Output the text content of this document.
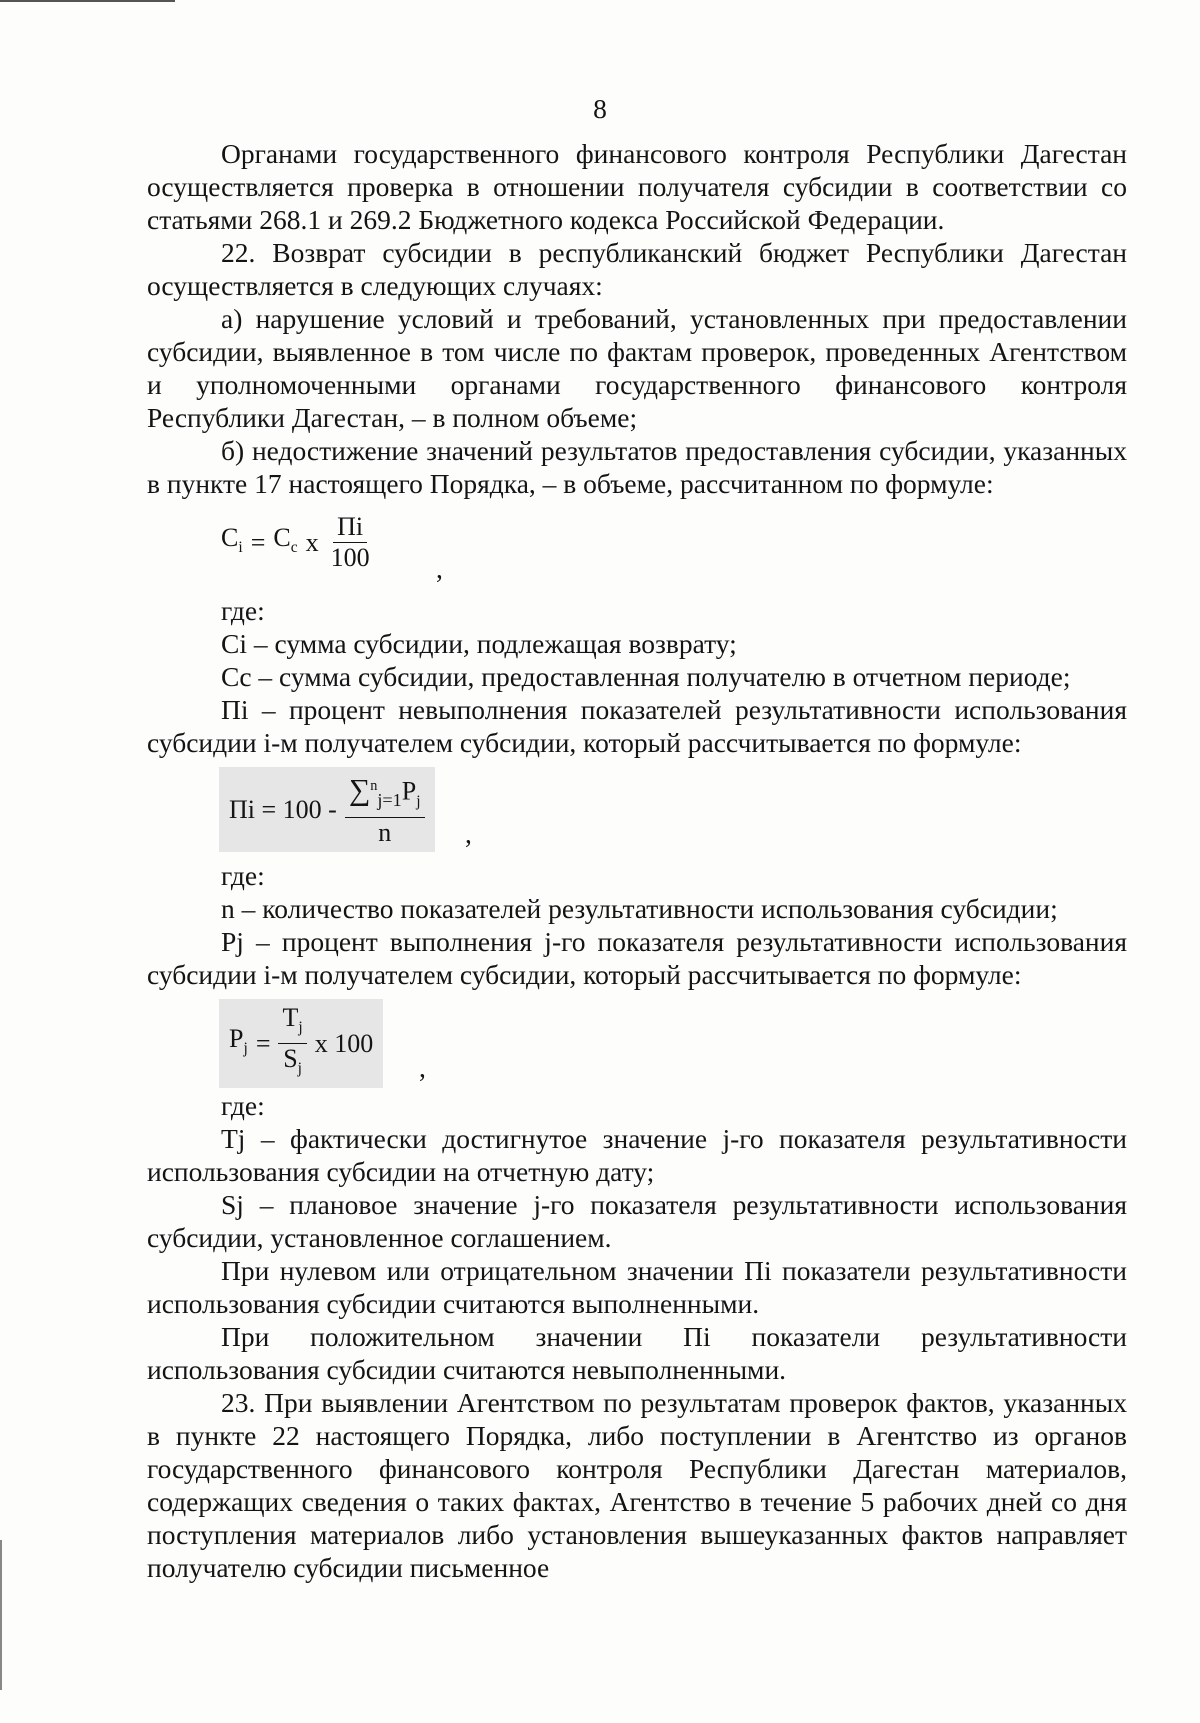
8

Органами государственного финансового контроля Республики Дагестан осуществляется проверка в отношении получателя субсидии в соответствии со статьями 268.1 и 269.2 Бюджетного кодекса Российской Федерации.

22. Возврат субсидии в республиканский бюджет Республики Дагестан осуществляется в следующих случаях:

а) нарушение условий и требований, установленных при предоставлении субсидии, выявленное в том числе по фактам проверок, проведенных Агентством и уполномоченными органами государственного финансового контроля Республики Дагестан, – в полном объеме;

б) недостижение значений результатов предоставления субсидии, указанных в пункте 17 настоящего Порядка, – в объеме, рассчитанном по формуле:

$C_i = C_c$ x $\frac{Пi}{100}$ ,

где:

Ci – сумма субсидии, подлежащая возврату;

Cc – сумма субсидии, предоставленная получателю в отчетном периоде;

Пi – процент невыполнения показателей результативности использования субсидии i-м получателем субсидии, который рассчитывается по формуле:

Пi = $100 - \frac{\sum^n_{j=1}P_j}{n}$ ,

где:

n – количество показателей результативности использования субсидии;

Pj – процент выполнения j-го показателя результативности использования субсидии i-м получателем субсидии, который рассчитывается по формуле:

$P_j = \frac{T_j}{S_j}$ x 100
,

где:

Tj – фактически достигнутое значение j-го показателя результативности использования субсидии на отчетную дату;

Sj – плановое значение j-го показателя результативности использования субсидии, установленное соглашением.

При нулевом или отрицательном значении Пi показатели результативности использования субсидии считаются выполненными.

При положительном значении Пi показатели результативности использования субсидии считаются невыполненными.

23. При выявлении Агентством по результатам проверок фактов, указанных в пункте 22 настоящего Порядка, либо поступлении в Агентство из органов государственного финансового контроля Республики Дагестан материалов, содержащих сведения о таких фактах, Агентство в течение 5 рабочих дней со дня поступления материалов либо установления вышеуказанных фактов направляет получателю субсидии письменное
